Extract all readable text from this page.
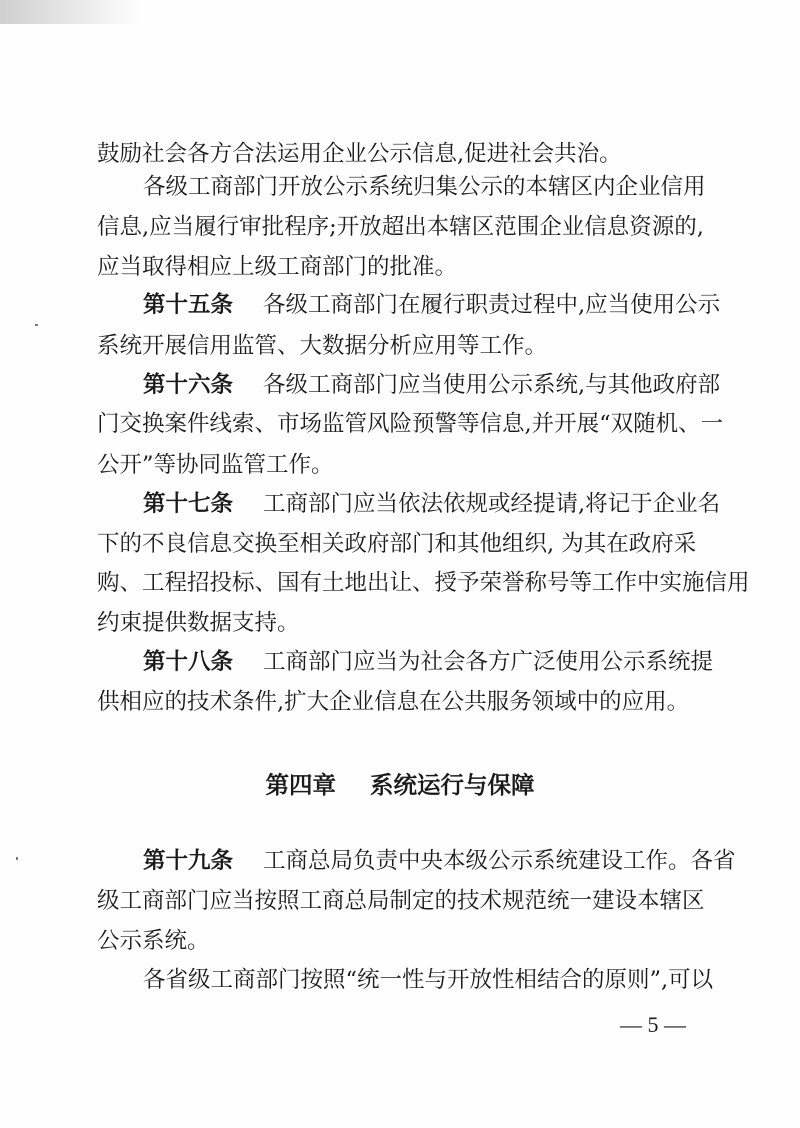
鼓励社会各方合法运用企业公示信息,促进社会共治。
各级工商部门开放公示系统归集公示的本辖区内企业信用
信息,应当履行审批程序;开放超出本辖区范围企业信息资源的,
应当取得相应上级工商部门的批准。
第十五条 各级工商部门在履行职责过程中,应当使用公示
系统开展信用监管、大数据分析应用等工作。
第十六条 各级工商部门应当使用公示系统,与其他政府部
门交换案件线索、市场监管风险预警等信息,并开展“双随机、一
公开”等协同监管工作。
第十七条 工商部门应当依法依规或经提请,将记于企业名
下的不良信息交换至相关政府部门和其他组织, 为其在政府采
购、工程招投标、国有土地出让、授予荣誉称号等工作中实施信用
约束提供数据支持。
第十八条 工商部门应当为社会各方广泛使用公示系统提
供相应的技术条件,扩大企业信息在公共服务领域中的应用。
第四章 系统运行与保障
第十九条 工商总局负责中央本级公示系统建设工作。各省
级工商部门应当按照工商总局制定的技术规范统一建设本辖区
公示系统。
各省级工商部门按照“统一性与开放性相结合的原则”,可以
— 5 —
